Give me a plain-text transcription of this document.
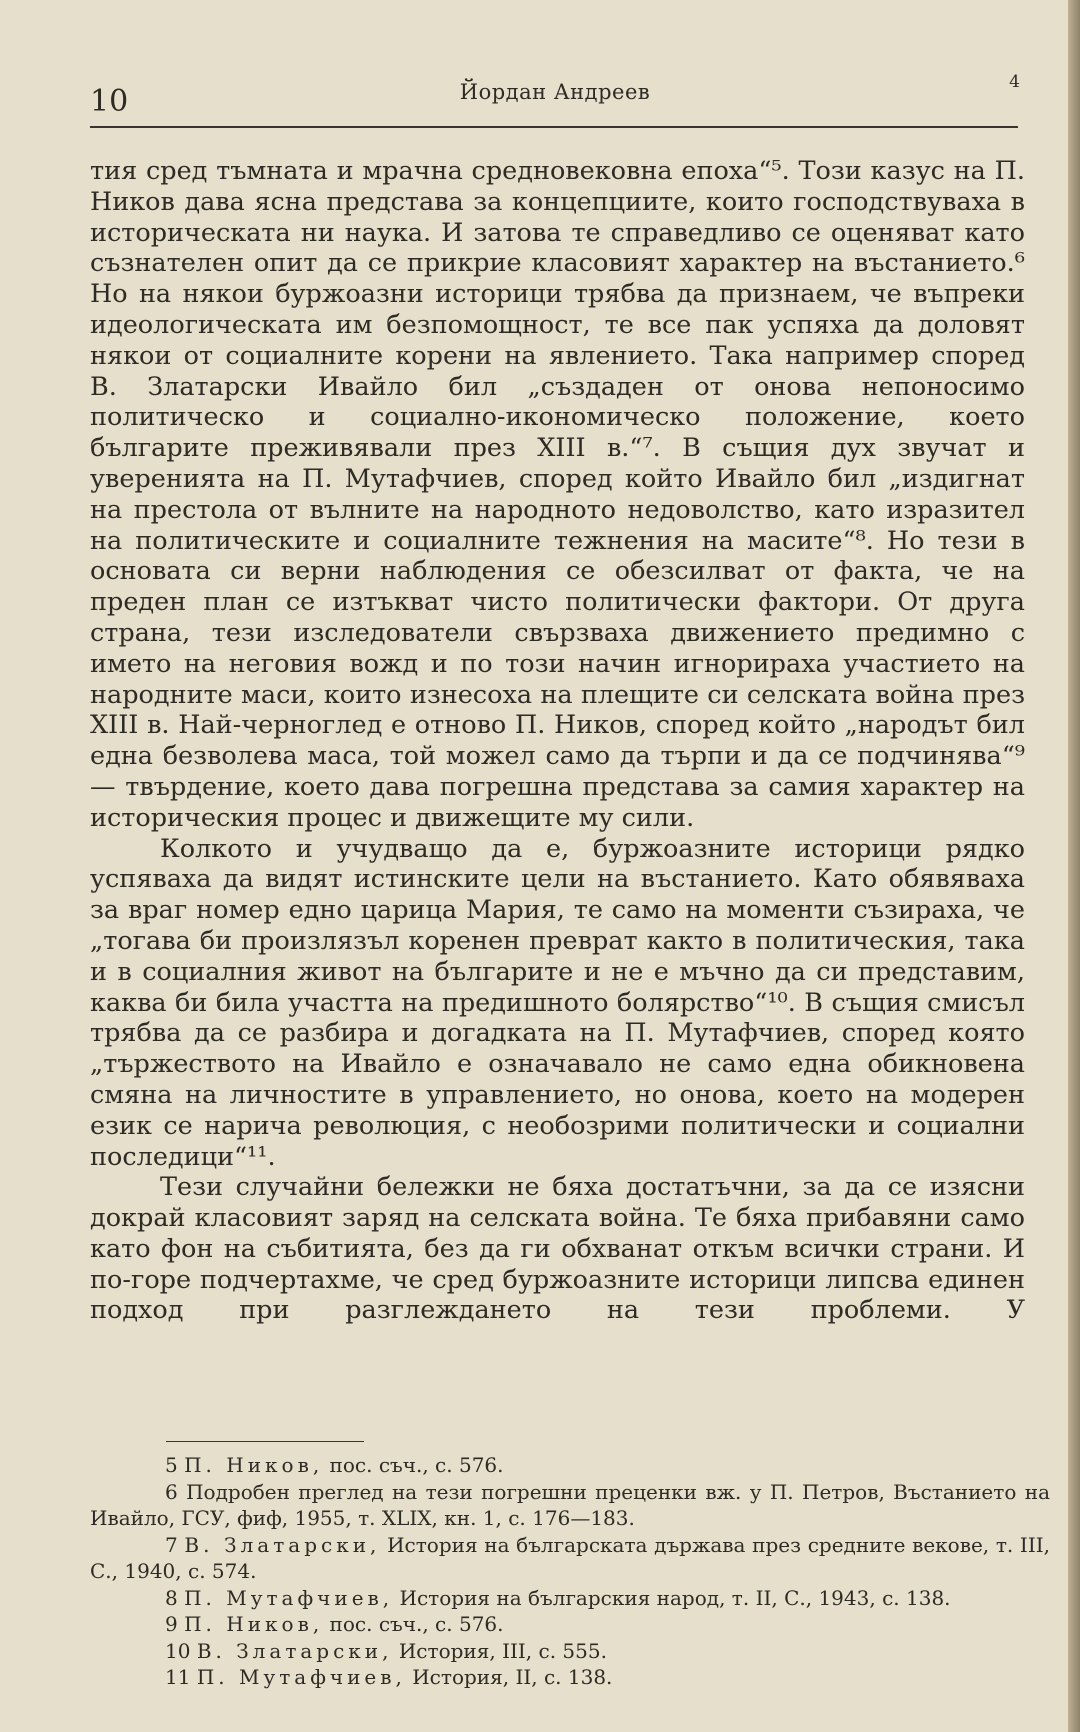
10	Йордан Андреев	4

тия сред тъмната и мрачна средновековна епоха“⁵. Този казус на П. Ников дава ясна представа за концепциите, които господствуваха в историческата ни наука. И затова те справедливо се оценяват като съзнателен опит да се прикрие класовият характер на въстанието.⁶ Но на някои буржоазни историци трябва да признаем, че въпреки идеологическата им безпомощност, те все пак успяха да доловят някои от социалните корени на явлението. Така например според В. Златарски Ивайло бил „създаден от онова непоносимо политическо и социално-икономическо положение, което българите преживявали през XIII в.“⁷. В същия дух звучат и уверенията на П. Мутафчиев, според който Ивайло бил „издигнат на престола от вълните на народното недоволство, като изразител на политическите и социалните тежнения на масите“⁸. Но тези в основата си верни наблюдения се обезсилват от факта, че на преден план се изтъкват чисто политически фактори. От друга страна, тези изследователи свързваха движението предимно с името на неговия вожд и по този начин игнорираха участието на народните маси, които изнесоха на плещите си селската война през XIII в. Най-черноглед е отново П. Ников, според който „народът бил една безволева маса, той можел само да търпи и да се подчинява“⁹ — твърдение, което дава погрешна представа за самия характер на историческия процес и движещите му сили.

Колкото и учудващо да е, буржоазните историци рядко успяваха да видят истинските цели на въстанието. Като обявяваха за враг номер едно царица Мария, те само на моменти съзираха, че „тогава би произлязъл коренен преврат както в политическия, така и в социалния живот на българите и не е мъчно да си представим, каква би била участта на предишното болярство“¹⁰. В същия смисъл трябва да се разбира и догадката на П. Мутафчиев, според която „тържеството на Ивайло е означавало не само една обикновена смяна на личностите в управлението, но онова, което на модерен език се нарича революция, с необозрими политически и социални последици“¹¹.

Тези случайни бележки не бяха достатъчни, за да се изясни докрай класовият заряд на селската война. Те бяха прибавяни само като фон на събитията, без да ги обхванат откъм всички страни. И по-горе подчертахме, че сред буржоазните историци липсва единен подход при разглеждането на тези проблеми. У

5 П. Ников, пос. съч., с. 576.

6 Подробен преглед на тези погрешни преценки вж. у П. Петров, Въстанието на Ивайло, ГСУ, фиф, 1955, т. XLIX, кн. 1, с. 176—183.

7 В. Златарски, История на българската държава през средните векове, т. III, С., 1940, с. 574.

8 П. Мутафчиев, История на българския народ, т. II, С., 1943, с. 138.

9 П. Ников, пос. съч., с. 576.

10 В. Златарски, История, III, с. 555.

11 П. Мутафчиев, История, II, с. 138.
